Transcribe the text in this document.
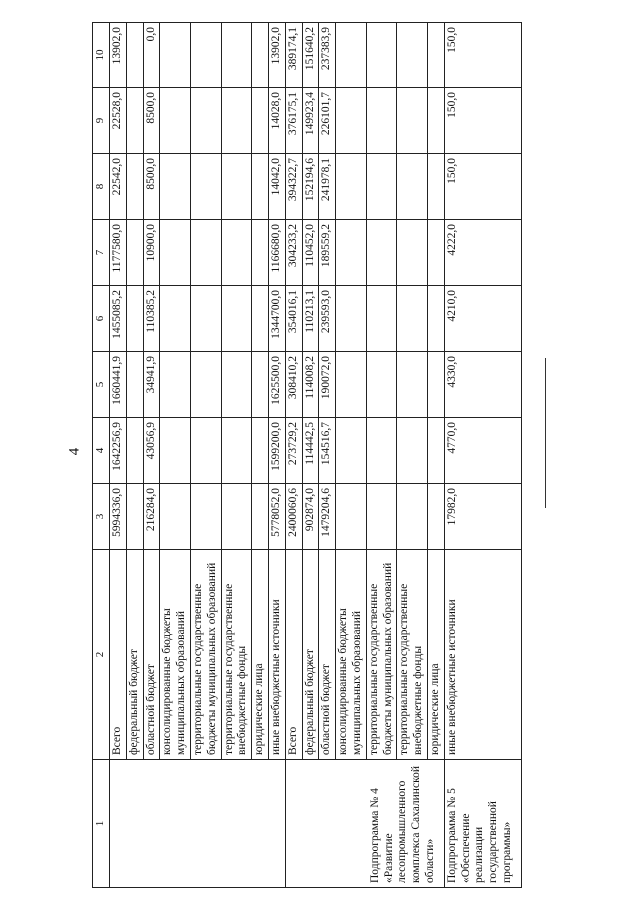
4
1	2	3	4	5	6	7	8	9	10
	Всего	5994336,0	1642256,9	1660441,9	1455085,2	1177580,0	22542,0	22528,0	13902,0
	федеральный бюджет								
	областной бюджет	216284,0	43056,9	34941,9	110385,2	10900,0	8500,0	8500,0	0,0
	консолидированные бюджеты муниципальных образований								
	территориальные государственные бюджеты муниципальных образований								
	территориальные государственные внебюджетные фонды								
	юридические лица								
	иные внебюджетные источники	5778052,0	1599200,0	1625500,0	1344700,0	1166680,0	14042,0	14028,0	13902,0
Подпрограмма № 4 «Развитие лесопромышленного комплекса Сахалинской области»	Всего	2400060,6	273729,2	308410,2	354016,1	304233,2	394322,7	376175,1	389174,1
	федеральный бюджет	902874,0	114442,5	114008,2	110213,1	110452,0	152194,6	149923,4	151640,2
	областной бюджет	1479204,6	154516,7	190072,0	239593,0	189559,2	241978,1	226101,7	237383,9
	консолидированные бюджеты муниципальных образований								
	территориальные государственные бюджеты муниципальных образований								
	территориальные государственные внебюджетные фонды								
	юридические лица								
Подпрограмма № 5 «Обеспечение реализации государственной программы»	иные внебюджетные источники	17982,0	4770,0	4330,0	4210,0	4222,0	150,0	150,0	150,0
